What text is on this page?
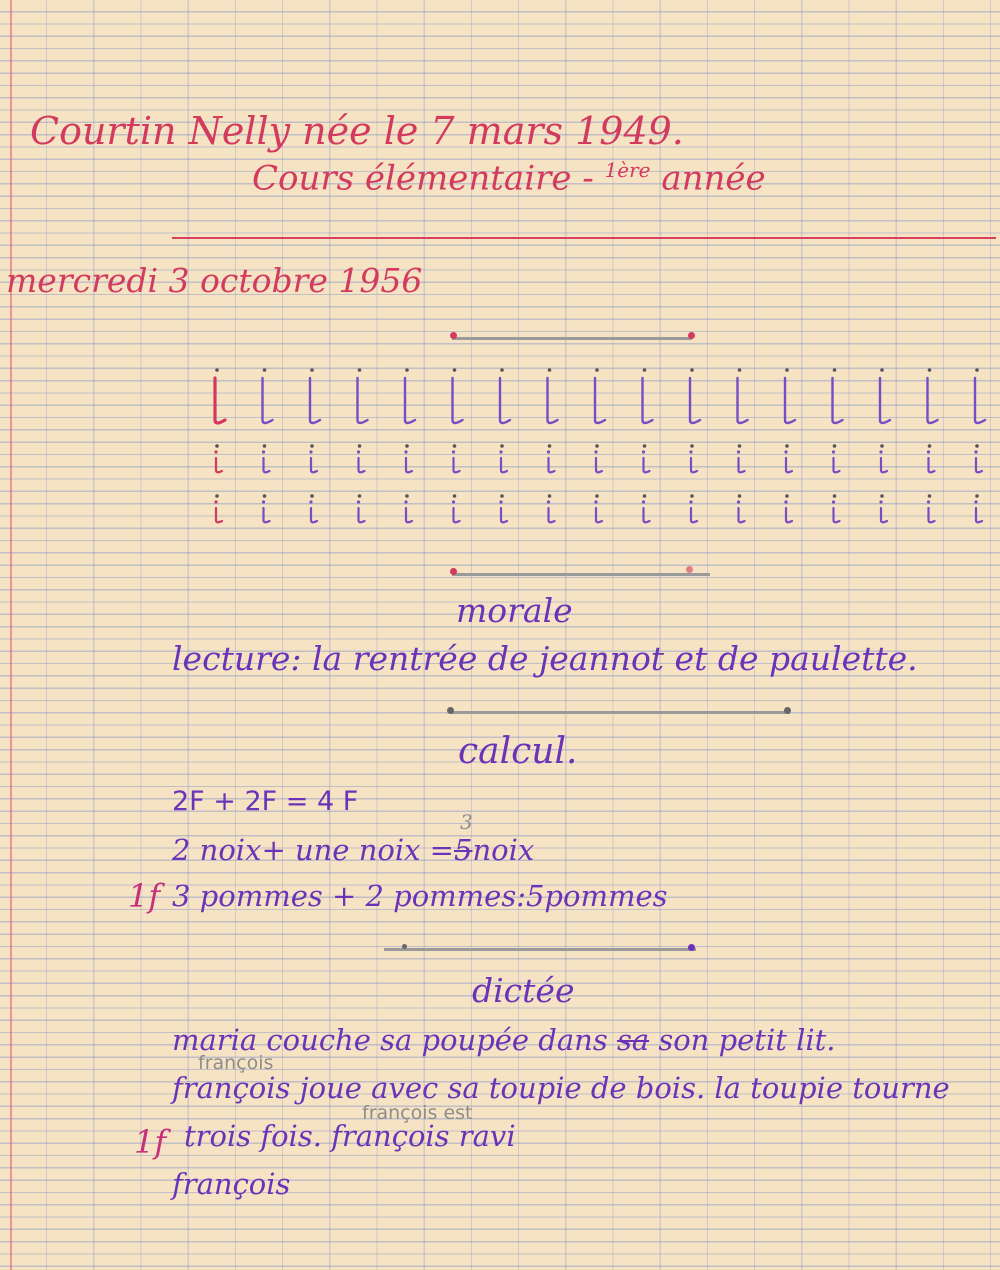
Courtin Nelly née le 7 mars 1949.
Cours élémentaire - $^{1ère}$ année
mercredi 3 octobre 1956
morale
lecture: la rentrée de jeannot et de paulette.
calcul.
2F + 2F = 4 F
2 noix+ une noix =5
3
noix
1f 3 pommes + 2 pommes:5pommes
dictée
maria couche sa poupée dans sa son petit lit.
françois
françois joue avec sa toupie de bois. la toupie tourne
1f
françois est
trois fois. françois ravi
françois
